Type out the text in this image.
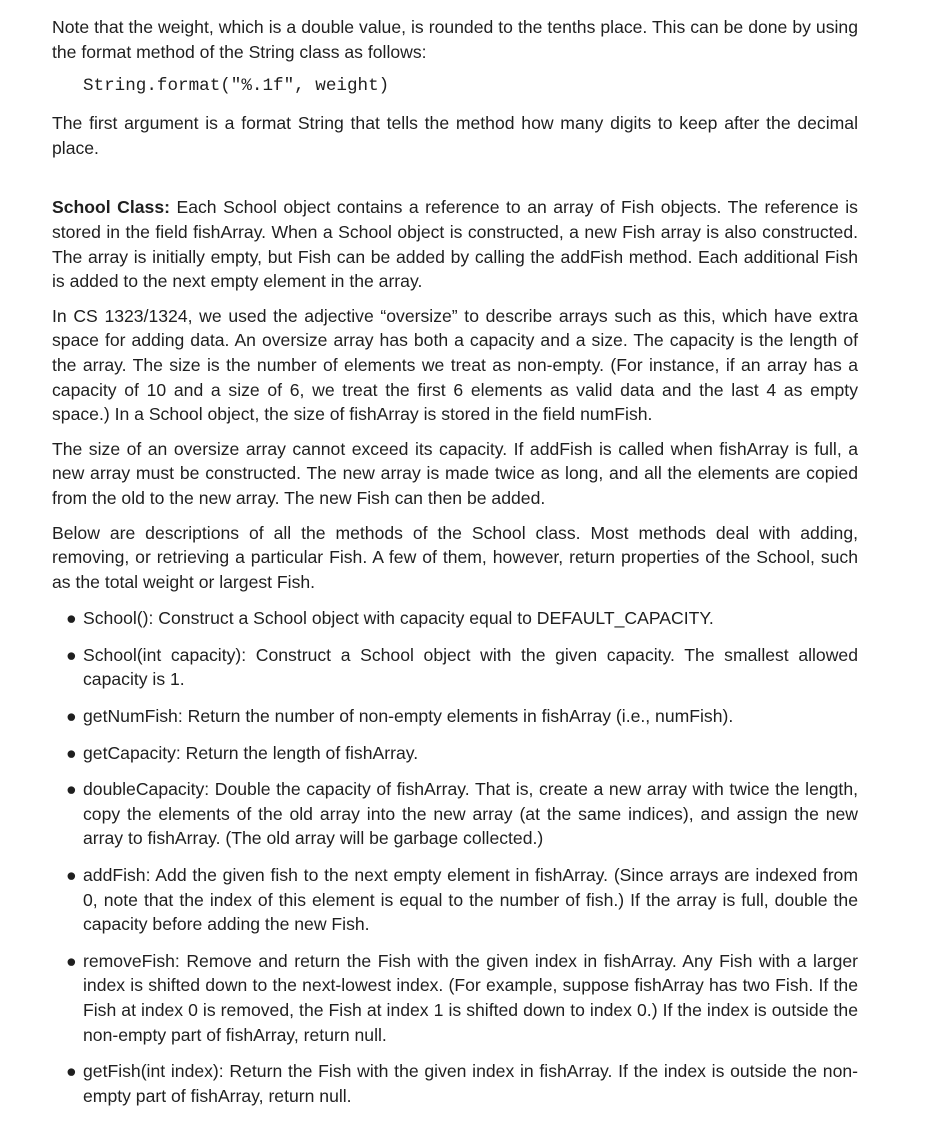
Note that the weight, which is a double value, is rounded to the tenths place. This can be done by using the format method of the String class as follows:

String.format("%.1f", weight)

The first argument is a format String that tells the method how many digits to keep after the decimal place.

School Class: Each School object contains a reference to an array of Fish objects. The reference is stored in the field fishArray. When a School object is constructed, a new Fish array is also constructed. The array is initially empty, but Fish can be added by calling the addFish method. Each additional Fish is added to the next empty element in the array.

In CS 1323/1324, we used the adjective “oversize” to describe arrays such as this, which have extra space for adding data. An oversize array has both a capacity and a size. The capacity is the length of the array. The size is the number of elements we treat as non-empty. (For instance, if an array has a capacity of 10 and a size of 6, we treat the first 6 elements as valid data and the last 4 as empty space.) In a School object, the size of fishArray is stored in the field numFish.

The size of an oversize array cannot exceed its capacity. If addFish is called when fishArray is full, a new array must be constructed. The new array is made twice as long, and all the elements are copied from the old to the new array. The new Fish can then be added.

Below are descriptions of all the methods of the School class. Most methods deal with adding, removing, or retrieving a particular Fish. A few of them, however, return properties of the School, such as the total weight or largest Fish.

● School(): Construct a School object with capacity equal to DEFAULT_CAPACITY.
● School(int capacity): Construct a School object with the given capacity. The smallest allowed capacity is 1.
● getNumFish: Return the number of non-empty elements in fishArray (i.e., numFish).
● getCapacity: Return the length of fishArray.
● doubleCapacity: Double the capacity of fishArray. That is, create a new array with twice the length, copy the elements of the old array into the new array (at the same indices), and assign the new array to fishArray. (The old array will be garbage collected.)
● addFish: Add the given fish to the next empty element in fishArray. (Since arrays are indexed from 0, note that the index of this element is equal to the number of fish.) If the array is full, double the capacity before adding the new Fish.
● removeFish: Remove and return the Fish with the given index in fishArray. Any Fish with a larger index is shifted down to the next-lowest index. (For example, suppose fishArray has two Fish. If the Fish at index 0 is removed, the Fish at index 1 is shifted down to index 0.) If the index is outside the non-empty part of fishArray, return null.
● getFish(int index): Return the Fish with the given index in fishArray. If the index is outside the non-empty part of fishArray, return null.
